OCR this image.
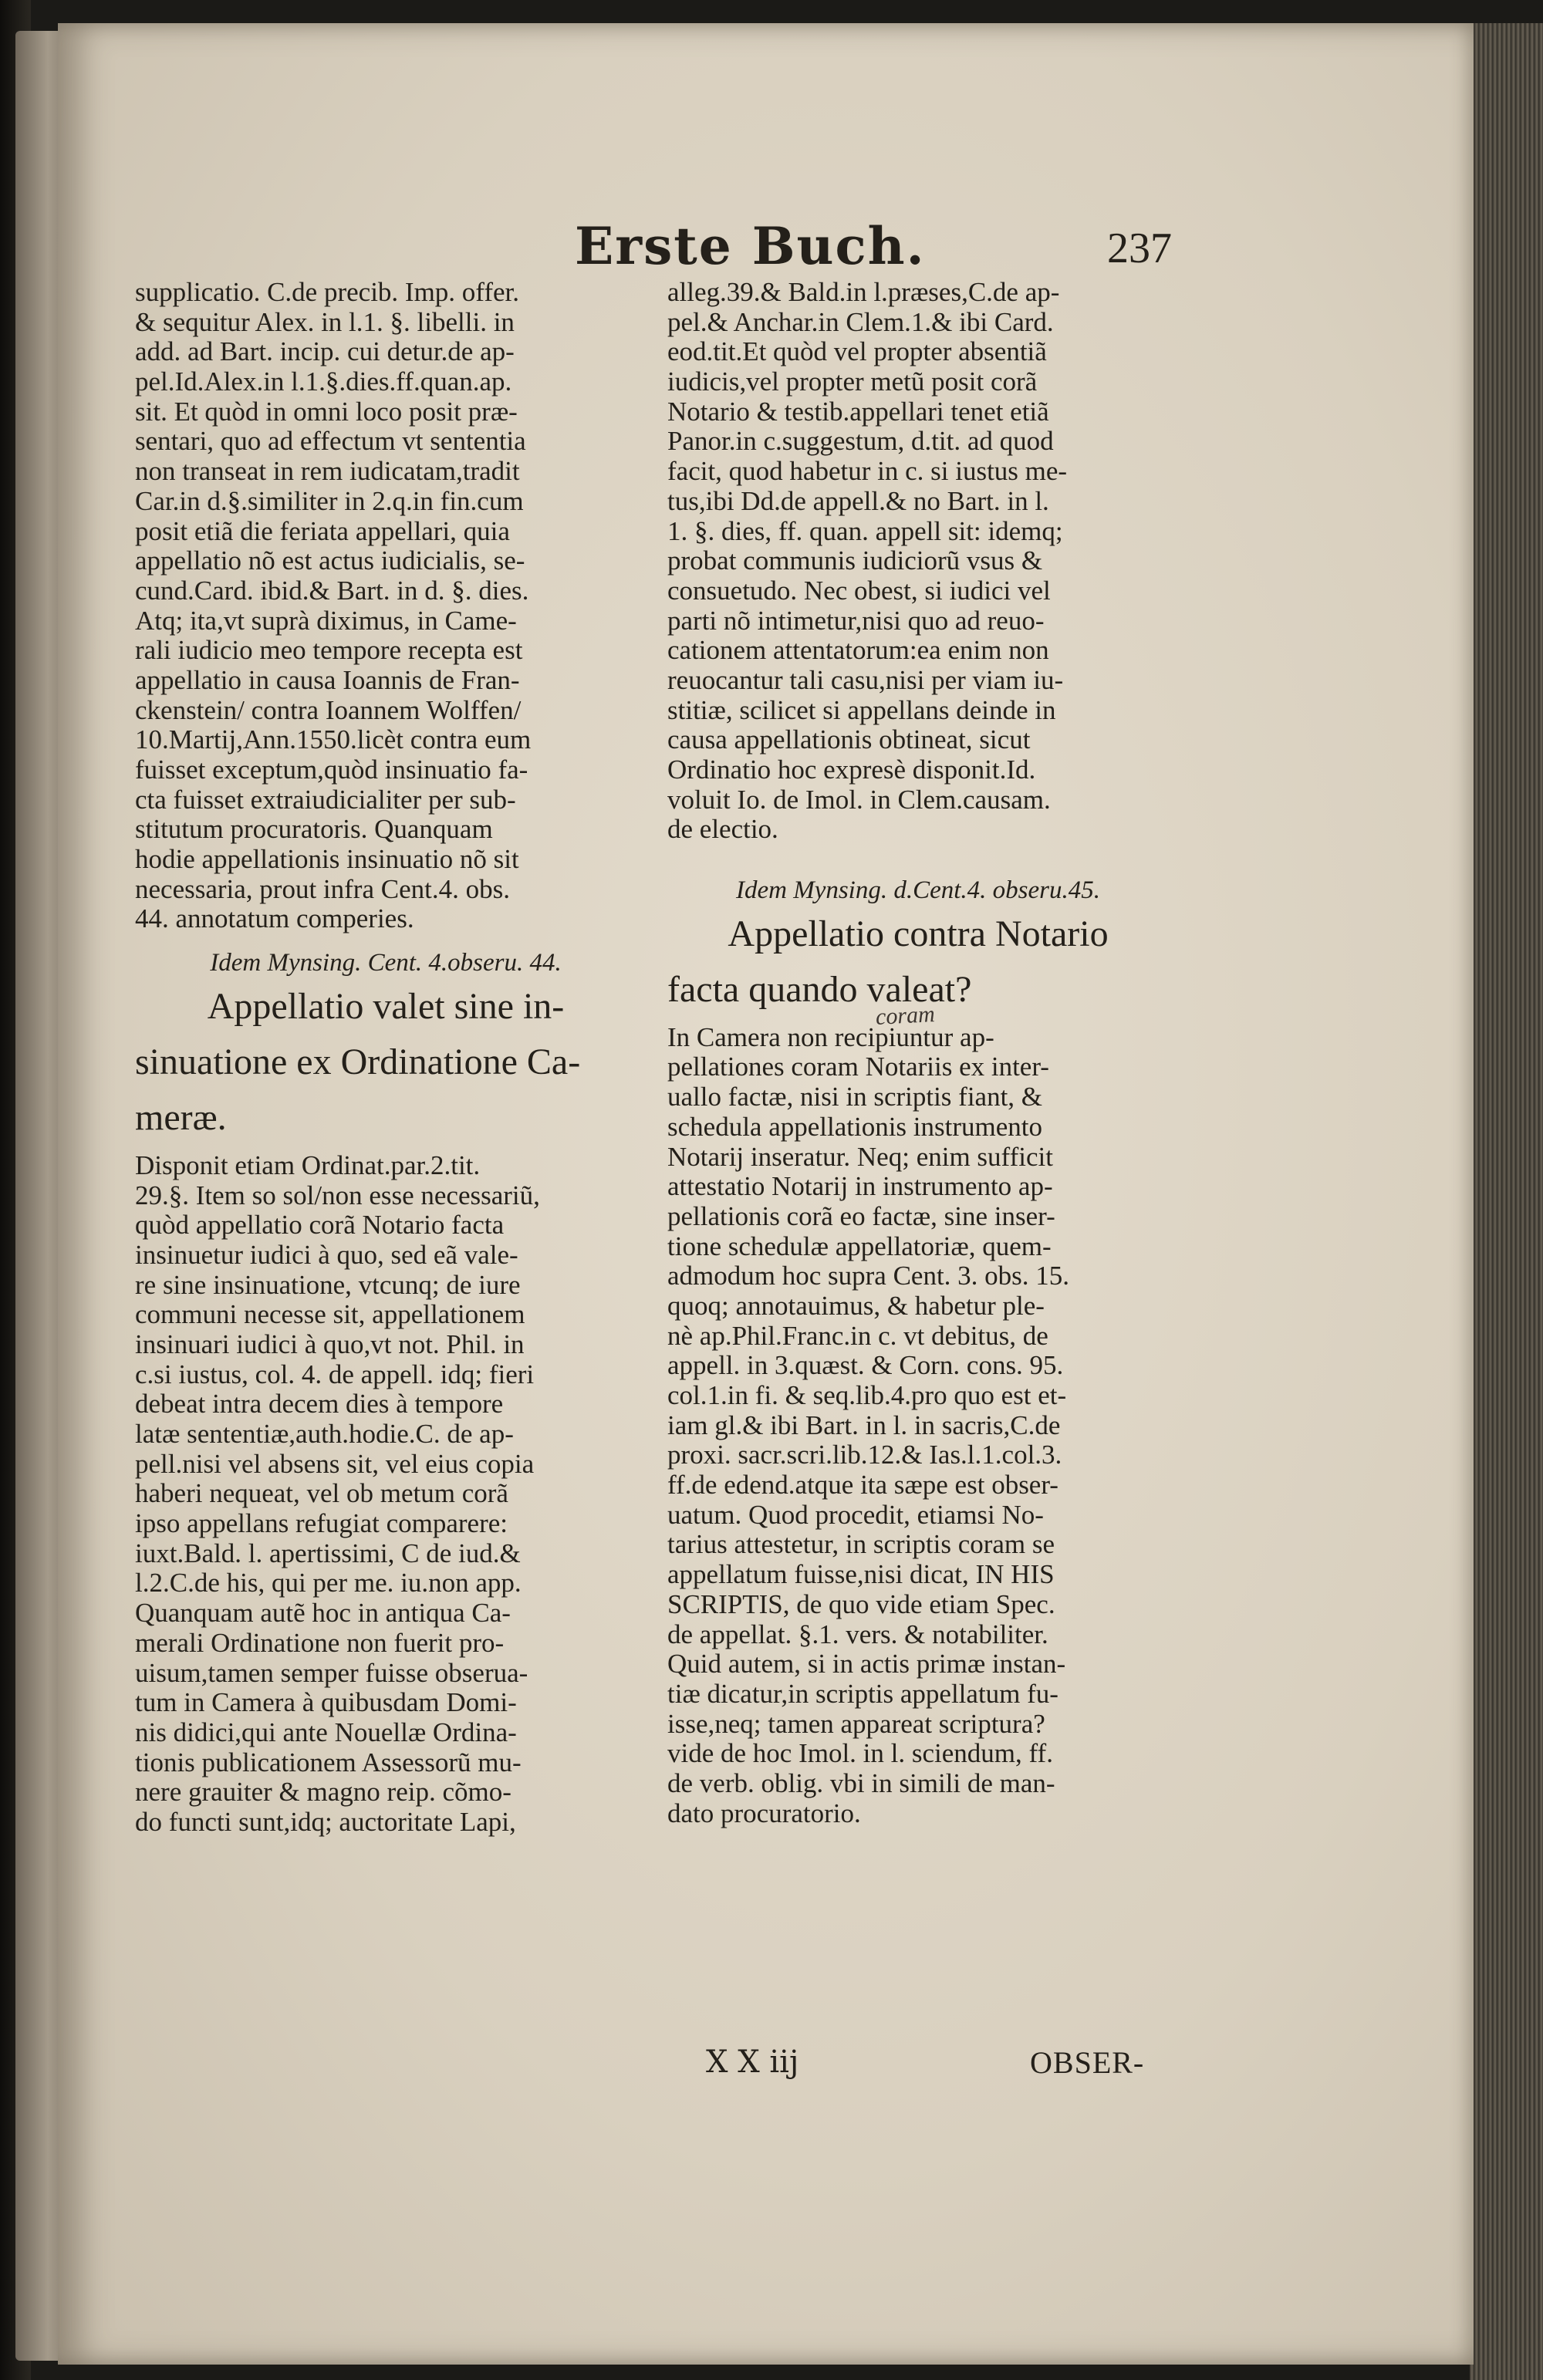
Erste Buch.	237
supplicatio. C.de precib. Imp. offer.
& sequitur Alex. in l.1. §. libelli. in
add. ad Bart. incip. cui detur.de ap-
pel.Id.Alex.in l.1.§.dies.ff.quan.ap.
sit. Et quòd in omni loco posit præ-
sentari, quo ad effectum vt sententia
non transeat in rem iudicatam,tradit
Car.in d.§.similiter in 2.q.in fin.cum
posit etiã die feriata appellari, quia
appellatio nõ est actus iudicialis, se-
cund.Card. ibid.& Bart. in d. §. dies.
Atq; ita,vt suprà diximus, in Came-
rali iudicio meo tempore recepta est
appellatio in causa Ioannis de Fran-
ckenstein/ contra Ioannem Wolffen/
10.Martij,Ann.1550.licèt contra eum
fuisset exceptum,quòd insinuatio fa-
cta fuisset extraiudicialiter per sub-
stitutum procuratoris. Quanquam
hodie appellationis insinuatio nõ sit
necessaria, prout infra Cent.4. obs.
44. annotatum comperies.
Idem Mynsing. Cent. 4.obseru. 44.
Appellatio valet sine in-
sinuatione ex Ordinatione Ca-
meræ.
Disponit etiam Ordinat.par.2.tit.
29.§. Item so sol/non esse necessariũ,
quòd appellatio corã Notario facta
insinuetur iudici à quo, sed eã vale-
re sine insinuatione, vtcunq; de iure
communi necesse sit, appellationem
insinuari iudici à quo,vt not. Phil. in
c.si iustus, col. 4. de appell. idq; fieri
debeat intra decem dies à tempore
latæ sententiæ,auth.hodie.C. de ap-
pell.nisi vel absens sit, vel eius copia
haberi nequeat, vel ob metum corã
ipso appellans refugiat comparere:
iuxt.Bald. l. apertissimi, C de iud.&
l.2.C.de his, qui per me. iu.non app.
Quanquam autẽ hoc in antiqua Ca-
merali Ordinatione non fuerit pro-
uisum,tamen semper fuisse obserua-
tum in Camera à quibusdam Domi-
nis didici,qui ante Nouellæ Ordina-
tionis publicationem Assessorũ mu-
nere grauiter & magno reip. cõmo-
do functi sunt,idq; auctoritate Lapi,
alleg.39.& Bald.in l.præses,C.de ap-
pel.& Anchar.in Clem.1.& ibi Card.
eod.tit.Et quòd vel propter absentiã
iudicis,vel propter metũ posit corã
Notario & testib.appellari tenet etiã
Panor.in c.suggestum, d.tit. ad quod
facit, quod habetur in c. si iustus me-
tus,ibi Dd.de appell.& no Bart. in l.
1. §. dies, ff. quan. appell sit: idemq;
probat communis iudiciorũ vsus &
consuetudo. Nec obest, si iudici vel
parti nõ intimetur,nisi quo ad reuo-
cationem attentatorum:ea enim non
reuocantur tali casu,nisi per viam iu-
stitiæ, scilicet si appellans deinde in
causa appellationis obtineat, sicut
Ordinatio hoc expresè disponit.Id.
voluit Io. de Imol. in Clem.causam.
de electio.
Idem Mynsing. d.Cent.4. obseru.45.
Appellatio contra Notario
facta quando valeat?
In Camera non recipiuntur ap-
pellationes coram Notariis ex inter-
uallo factæ, nisi in scriptis fiant, &
schedula appellationis instrumento
Notarij inseratur. Neq; enim sufficit
attestatio Notarij in instrumento ap-
pellationis corã eo factæ, sine inser-
tione schedulæ appellatoriæ, quem-
admodum hoc supra Cent. 3. obs. 15.
quoq; annotauimus, & habetur ple-
nè ap.Phil.Franc.in c. vt debitus, de
appell. in 3.quæst. & Corn. cons. 95.
col.1.in fi. & seq.lib.4.pro quo est et-
iam gl.& ibi Bart. in l. in sacris,C.de
proxi. sacr.scri.lib.12.& Ias.l.1.col.3.
ff.de edend.atque ita sæpe est obser-
uatum. Quod procedit, etiamsi No-
tarius attestetur, in scriptis coram se
appellatum fuisse,nisi dicat, IN HIS
SCRIPTIS, de quo vide etiam Spec.
de appellat. §.1. vers. & notabiliter.
Quid autem, si in actis primæ instan-
tiæ dicatur,in scriptis appellatum fu-
isse,neq; tamen appareat scriptura?
vide de hoc Imol. in l. sciendum, ff.
de verb. oblig. vbi in simili de man-
dato procuratorio.
coram
X X iij	OBSER-
